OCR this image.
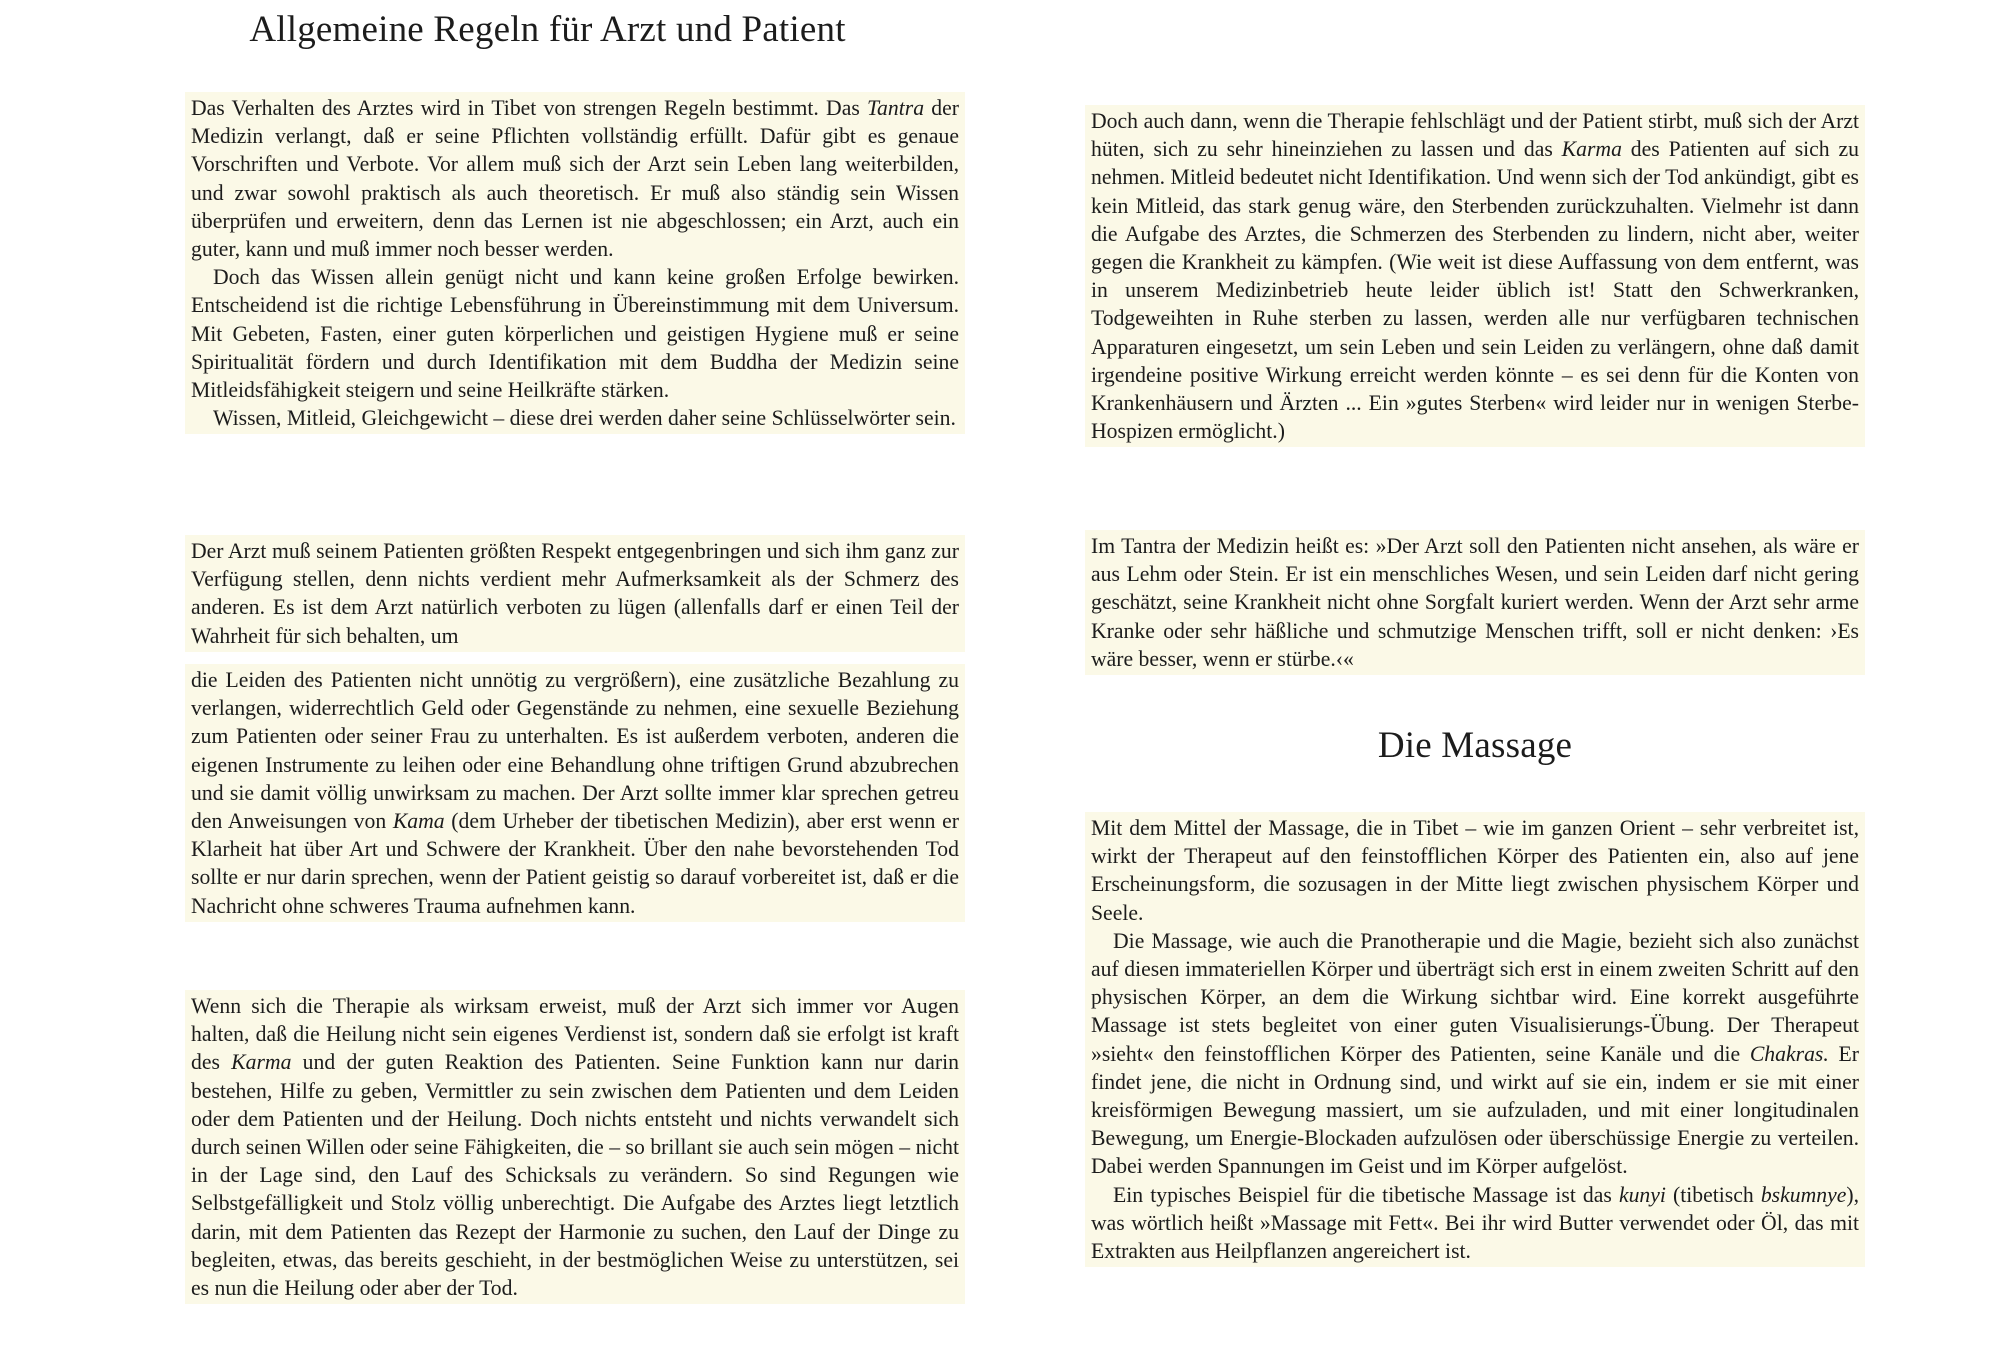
Allgemeine Regeln für Arzt und Patient

Das Verhalten des Arztes wird in Tibet von strengen Regeln bestimmt. Das Tantra der Medizin verlangt, daß er seine Pflichten vollständig erfüllt. Dafür gibt es genaue Vorschriften und Verbote. Vor allem muß sich der Arzt sein Leben lang weiterbilden, und zwar sowohl praktisch als auch theoretisch. Er muß also ständig sein Wissen überprüfen und erweitern, denn das Lernen ist nie abgeschlossen; ein Arzt, auch ein guter, kann und muß immer noch besser werden.

Doch das Wissen allein genügt nicht und kann keine großen Erfolge bewirken. Entscheidend ist die richtige Lebensführung in Übereinstimmung mit dem Universum. Mit Gebeten, Fasten, einer guten körperlichen und geistigen Hygiene muß er seine Spiritualität fördern und durch Identifikation mit dem Buddha der Medizin seine Mitleidsfähigkeit steigern und seine Heilkräfte stärken.

Wissen, Mitleid, Gleichgewicht – diese drei werden daher seine Schlüsselwörter sein.

Der Arzt muß seinem Patienten größten Respekt entgegenbringen und sich ihm ganz zur Verfügung stellen, denn nichts verdient mehr Aufmerksamkeit als der Schmerz des anderen. Es ist dem Arzt natürlich verboten zu lügen (allenfalls darf er einen Teil der Wahrheit für sich behalten, um

die Leiden des Patienten nicht unnötig zu vergrößern), eine zusätzliche Bezahlung zu verlangen, widerrechtlich Geld oder Gegenstände zu nehmen, eine sexuelle Beziehung zum Patienten oder seiner Frau zu unterhalten. Es ist außerdem verboten, anderen die eigenen Instrumente zu leihen oder eine Behandlung ohne triftigen Grund abzubrechen und sie damit völlig unwirksam zu machen. Der Arzt sollte immer klar sprechen getreu den Anweisungen von Kama (dem Urheber der tibetischen Medizin), aber erst wenn er Klarheit hat über Art und Schwere der Krankheit. Über den nahe bevorstehenden Tod sollte er nur darin sprechen, wenn der Patient geistig so darauf vorbereitet ist, daß er die Nachricht ohne schweres Trauma aufnehmen kann.

Wenn sich die Therapie als wirksam erweist, muß der Arzt sich immer vor Augen halten, daß die Heilung nicht sein eigenes Verdienst ist, sondern daß sie erfolgt ist kraft des Karma und der guten Reaktion des Patienten. Seine Funktion kann nur darin bestehen, Hilfe zu geben, Vermittler zu sein zwischen dem Patienten und dem Leiden oder dem Patienten und der Heilung. Doch nichts entsteht und nichts verwandelt sich durch seinen Willen oder seine Fähigkeiten, die – so brillant sie auch sein mögen – nicht in der Lage sind, den Lauf des Schicksals zu verändern. So sind Regungen wie Selbstgefälligkeit und Stolz völlig unberechtigt. Die Aufgabe des Arztes liegt letztlich darin, mit dem Patienten das Rezept der Harmonie zu suchen, den Lauf der Dinge zu begleiten, etwas, das bereits geschieht, in der bestmöglichen Weise zu unterstützen, sei es nun die Heilung oder aber der Tod.

Doch auch dann, wenn die Therapie fehlschlägt und der Patient stirbt, muß sich der Arzt hüten, sich zu sehr hineinziehen zu lassen und das Karma des Patienten auf sich zu nehmen. Mitleid bedeutet nicht Identifikation. Und wenn sich der Tod ankündigt, gibt es kein Mitleid, das stark genug wäre, den Sterbenden zurückzuhalten. Vielmehr ist dann die Aufgabe des Arztes, die Schmerzen des Sterbenden zu lindern, nicht aber, weiter gegen die Krankheit zu kämpfen. (Wie weit ist diese Auffassung von dem entfernt, was in unserem Medizinbetrieb heute leider üblich ist! Statt den Schwerkranken, Todgeweihten in Ruhe sterben zu lassen, werden alle nur verfügbaren technischen Apparaturen eingesetzt, um sein Leben und sein Leiden zu verlängern, ohne daß damit irgendeine positive Wirkung erreicht werden könnte – es sei denn für die Konten von Krankenhäusern und Ärzten ... Ein »gutes Sterben« wird leider nur in wenigen Sterbe-Hospizen ermöglicht.)

Im Tantra der Medizin heißt es: »Der Arzt soll den Patienten nicht ansehen, als wäre er aus Lehm oder Stein. Er ist ein menschliches Wesen, und sein Leiden darf nicht gering geschätzt, seine Krankheit nicht ohne Sorgfalt kuriert werden. Wenn der Arzt sehr arme Kranke oder sehr häßliche und schmutzige Menschen trifft, soll er nicht denken: ›Es wäre besser, wenn er stürbe.‹«

Die Massage

Mit dem Mittel der Massage, die in Tibet – wie im ganzen Orient – sehr verbreitet ist, wirkt der Therapeut auf den feinstofflichen Körper des Patienten ein, also auf jene Erscheinungsform, die sozusagen in der Mitte liegt zwischen physischem Körper und Seele.

Die Massage, wie auch die Pranotherapie und die Magie, bezieht sich also zunächst auf diesen immateriellen Körper und überträgt sich erst in einem zweiten Schritt auf den physischen Körper, an dem die Wirkung sichtbar wird. Eine korrekt ausgeführte Massage ist stets begleitet von einer guten Visualisierungs-Übung. Der Therapeut »sieht« den feinstofflichen Körper des Patienten, seine Kanäle und die Chakras. Er findet jene, die nicht in Ordnung sind, und wirkt auf sie ein, indem er sie mit einer kreisförmigen Bewegung massiert, um sie aufzuladen, und mit einer longitudinalen Bewegung, um Energie-Blockaden aufzulösen oder überschüssige Energie zu verteilen. Dabei werden Spannungen im Geist und im Körper aufgelöst.

Ein typisches Beispiel für die tibetische Massage ist das kunyi (tibetisch bskumnye), was wörtlich heißt »Massage mit Fett«. Bei ihr wird Butter verwendet oder Öl, das mit Extrakten aus Heilpflanzen angereichert ist.
